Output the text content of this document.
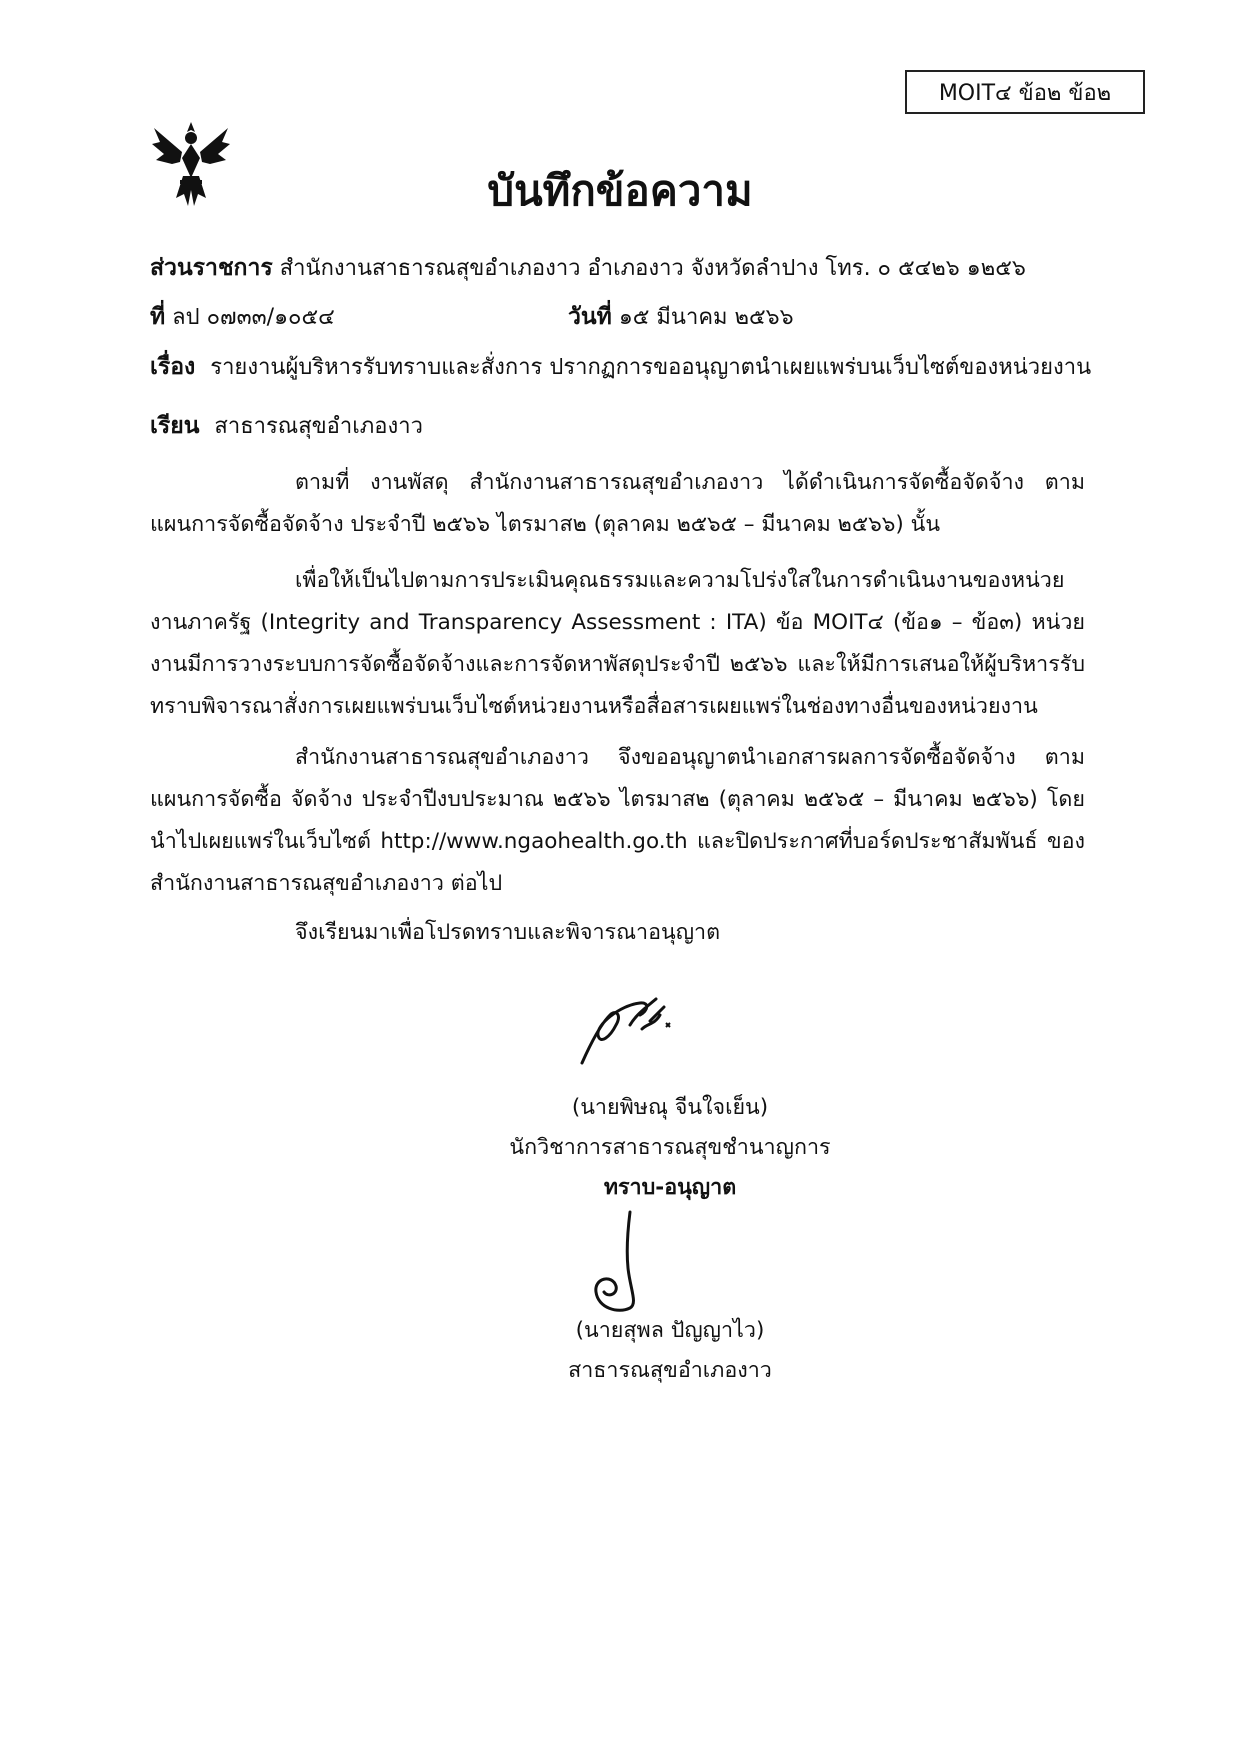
MOIT๔ ข้อ๒ ข้อ๒
บันทึกข้อความ
ส่วนราชการ สำนักงานสาธารณสุขอำเภองาว อำเภองาว จังหวัดลำปาง โทร. ๐ ๕๔๒๖ ๑๒๕๖
ที่ ลป ๐๗๓๓/๑๐๕๔	วันที่ ๑๕ มีนาคม ๒๕๖๖
เรื่อง รายงานผู้บริหารรับทราบและสั่งการ ปรากฏการขออนุญาตนำเผยแพร่บนเว็บไซต์ของหน่วยงาน
เรียน สาธารณสุขอำเภองาว

ตามที่ งานพัสดุ สำนักงานสาธารณสุขอำเภองาว ได้ดำเนินการจัดซื้อจัดจ้าง ตามแผนการจัดซื้อจัดจ้าง ประจำปี ๒๕๖๖ ไตรมาส๒ (ตุลาคม ๒๕๖๕ – มีนาคม ๒๕๖๖) นั้น

เพื่อให้เป็นไปตามการประเมินคุณธรรมและความโปร่งใสในการดำเนินงานของหน่วยงานภาครัฐ (Integrity and Transparency Assessment : ITA) ข้อ MOIT๔ (ข้อ๑ – ข้อ๓) หน่วยงานมีการวางระบบการจัดซื้อจัดจ้างและการจัดหาพัสดุประจำปี ๒๕๖๖ และให้มีการเสนอให้ผู้บริหารรับทราบพิจารณาสั่งการเผยแพร่บนเว็บไซต์หน่วยงานหรือสื่อสารเผยแพร่ในช่องทางอื่นของหน่วยงาน

สำนักงานสาธารณสุขอำเภองาว จึงขออนุญาตนำเอกสารผลการจัดซื้อจัดจ้าง ตามแผนการจัดซื้อ จัดจ้าง ประจำปีงบประมาณ ๒๕๖๖ ไตรมาส๒ (ตุลาคม ๒๕๖๕ – มีนาคม ๒๕๖๖) โดยนำไปเผยแพร่ในเว็บไซต์ http://www.ngaohealth.go.th และปิดประกาศที่บอร์ดประชาสัมพันธ์ ของสำนักงานสาธารณสุขอำเภองาว ต่อไป

จึงเรียนมาเพื่อโปรดทราบและพิจารณาอนุญาต
(นายพิษณุ จีนใจเย็น)
นักวิชาการสาธารณสุขชำนาญการ
ทราบ-อนุญาต
(นายสุพล ปัญญาไว)
สาธารณสุขอำเภองาว
